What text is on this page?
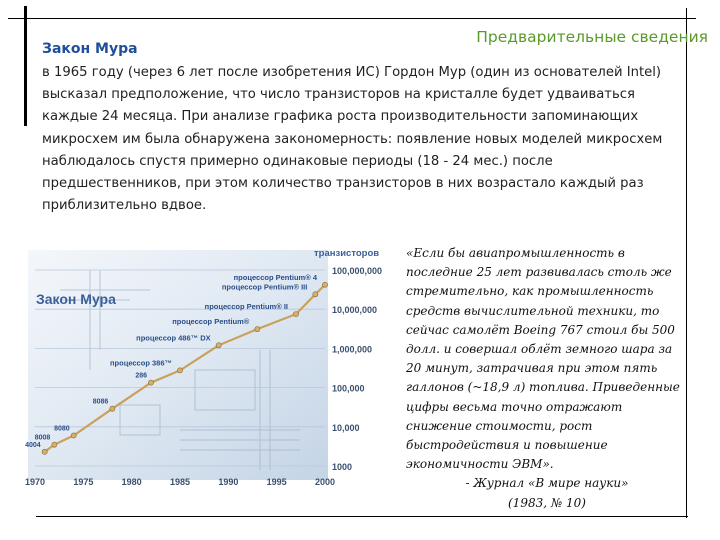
Предварительные сведения
Закон Мура
в 1965 году (через 6 лет после изобретения ИС) Гордон Мур (один из основателей Intel) высказал предположение, что число транзисторов на кристалле будет удваиваться каждые 24 месяца. При анализе графика роста производительности запоминающих микросхем им была обнаружена закономерность: появление новых моделей микросхем наблюдалось спустя примерно одинаковые периоды (18 - 24 мес.) после предшественников, при этом количество транзисторов в них возрастало каждый раз приблизительно вдвое.
Закон Мура
транзисторов
1000
10,000
100,000
1,000,000
10,000,000
100,000,000
1970	1975	1980	1985	1990	1995	2000
4004
8008
8080
8086
286
процессор 386™
процессор 486™ DX
процессор Pentium®
процессор Pentium® II
процессор Pentium® III
процессор Pentium® 4

«Если бы авиапромышленность в последние 25 лет развивалась столь же стремительно, как промышленность средств вычислительной техники, то сейчас самолёт Boeing 767 стоил бы 500 долл. и совершал облёт земного шара за 20 минут, затрачивая при этом пять галлонов (~18,9 л) топлива. Приведенные цифры весьма точно отражают снижение стоимости, рост быстродействия и повышение экономичности ЭВМ».

- Журнал «В мире науки»

(1983, № 10)
